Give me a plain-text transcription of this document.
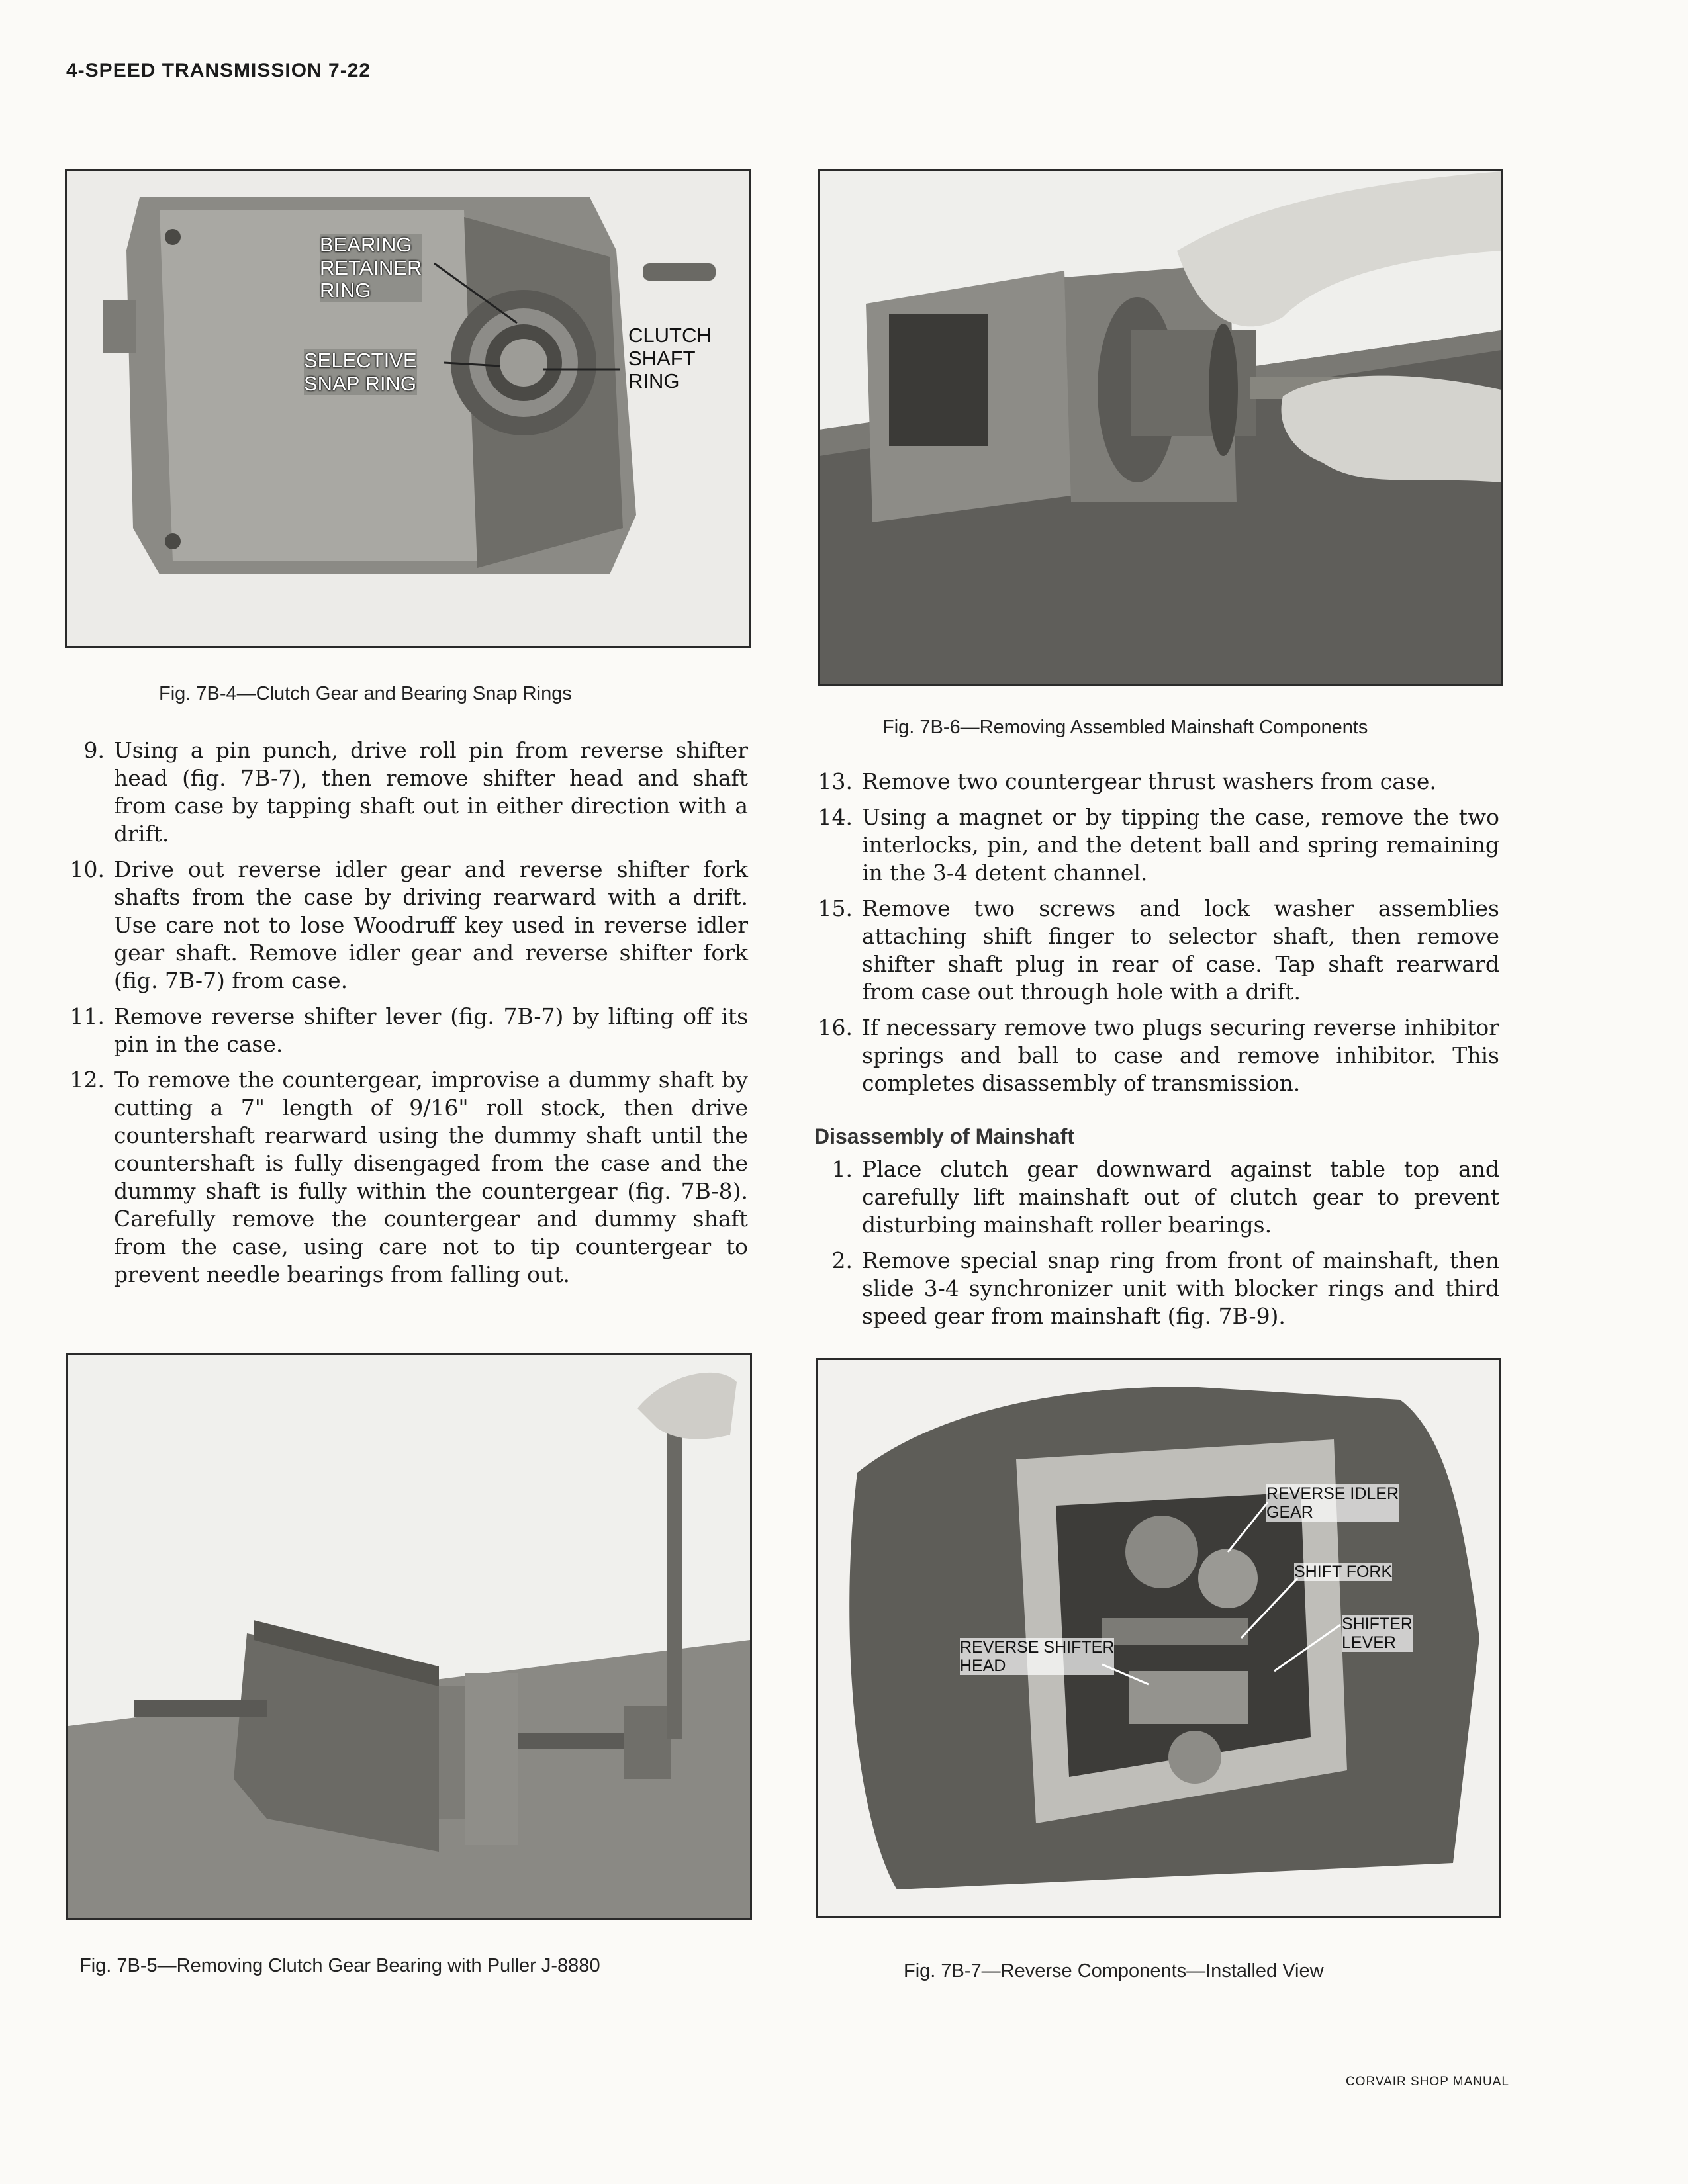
4-SPEED TRANSMISSION 7-22
BEARING
RETAINER
RING
SELECTIVE
SNAP RING
CLUTCH
SHAFT
RING
Fig. 7B-4—Clutch Gear and Bearing Snap Rings
Fig. 7B-6—Removing Assembled Mainshaft Components
9. Using a pin punch, drive roll pin from reverse shifter head (fig. 7B-7), then remove shifter head and shaft from case by tapping shaft out in either direction with a drift.
10. Drive out reverse idler gear and reverse shifter fork shafts from the case by driving rearward with a drift. Use care not to lose Woodruff key used in reverse idler gear shaft. Remove idler gear and reverse shifter fork (fig. 7B-7) from case.
11. Remove reverse shifter lever (fig. 7B-7) by lifting off its pin in the case.
12. To remove the countergear, improvise a dummy shaft by cutting a 7" length of 9/16" roll stock, then drive countershaft rearward using the dummy shaft until the countershaft is fully disengaged from the case and the dummy shaft is fully within the countergear (fig. 7B-8). Carefully remove the countergear and dummy shaft from the case, using care not to tip countergear to prevent needle bearings from falling out.
13. Remove two countergear thrust washers from case.
14. Using a magnet or by tipping the case, remove the two interlocks, pin, and the detent ball and spring remaining in the 3-4 detent channel.
15. Remove two screws and lock washer assemblies attaching shift finger to selector shaft, then remove shifter shaft plug in rear of case. Tap shaft rearward from case out through hole with a drift.
16. If necessary remove two plugs securing reverse inhibitor springs and ball to case and remove inhibitor. This completes disassembly of transmission.
Disassembly of Mainshaft
1. Place clutch gear downward against table top and carefully lift mainshaft out of clutch gear to prevent disturbing mainshaft roller bearings.
2. Remove special snap ring from front of mainshaft, then slide 3-4 synchronizer unit with blocker rings and third speed gear from mainshaft (fig. 7B-9).
Fig. 7B-5—Removing Clutch Gear Bearing with Puller J-8880
REVERSE IDLER
GEAR
SHIFT FORK
SHIFTER
LEVER
REVERSE SHIFTER
HEAD
Fig. 7B-7—Reverse Components—Installed View
CORVAIR SHOP MANUAL
